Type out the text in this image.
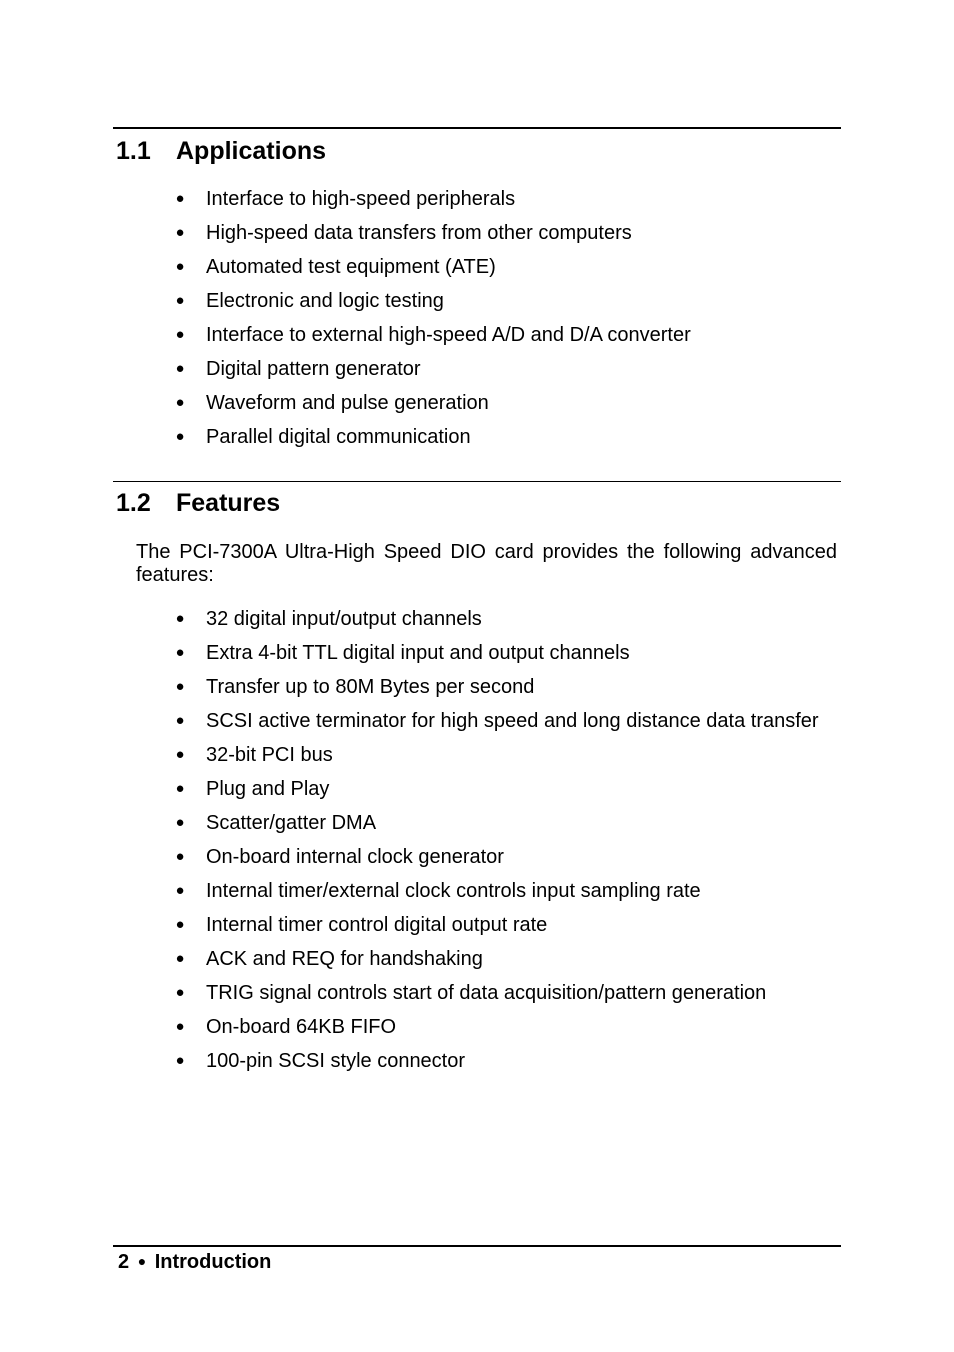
1.1 Applications
● Interface to high-speed peripherals
● High-speed data transfers from other computers
● Automated test equipment (ATE)
● Electronic and logic testing
● Interface to external high-speed A/D and D/A converter
● Digital pattern generator
● Waveform and pulse generation
● Parallel digital communication
1.2 Features

The PCI-7300A Ultra-High Speed DIO card provides the following advanced features:

● 32 digital input/output channels
● Extra 4-bit TTL digital input and output channels
● Transfer up to 80M Bytes per second
● SCSI active terminator for high speed and long distance data transfer
● 32-bit PCI bus
● Plug and Play
● Scatter/gatter DMA
● On-board internal clock generator
● Internal timer/external clock controls input sampling rate
● Internal timer control digital output rate
● ACK and REQ for handshaking
● TRIG signal controls start of data acquisition/pattern generation
● On-board 64KB FIFO
● 100-pin SCSI style connector
2 ● Introduction
